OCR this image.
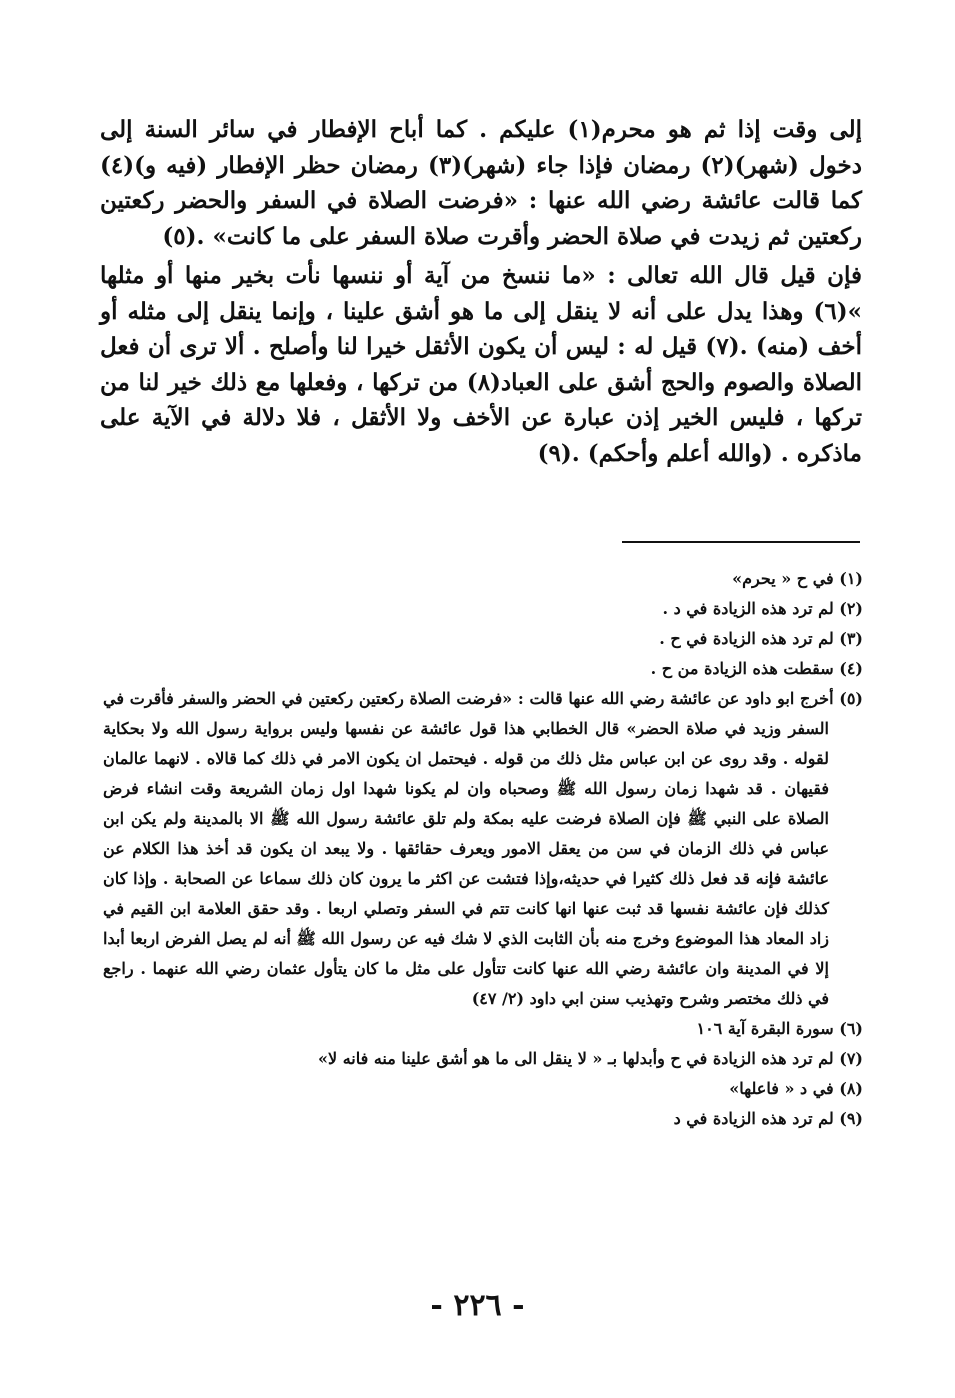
إلى وقت إذا ثم هو محرم(١) عليكم . كما أباح الإفطار في سائر السنة إلى دخول (شهر)(٢) رمضان فإذا جاء (شهر)(٣) رمضان حظر الإفطار (فيه و)(٤) كما قالت عائشة رضي الله عنها : «فرضت الصلاة في السفر والحضر ركعتين ركعتين ثم زيدت في صلاة الحضر وأقرت صلاة السفر على ما كانت» .(٥)

فإن قيل قال الله تعالى : «ما ننسخ من آية أو ننسها نأت بخير منها أو مثلها »(٦) وهذا يدل على أنه لا ينقل إلى ما هو أشق علينا ، وإنما ينقل إلى مثله أو أخف (منه) .(٧) قيل له : ليس أن يكون الأثقل خيرا لنا وأصلح . ألا ترى أن فعل الصلاة والصوم والحج أشق على العباد(٨) من تركها ، وفعلها مع ذلك خير لنا من تركها ، فليس الخير إذن عبارة عن الأخف ولا الأثقل ، فلا دلالة في الآية على ماذكره . (والله أعلم وأحكم) .(٩)

(١) في ح « يحرم»

(٢) لم ترد هذه الزيادة في د .

(٣) لم ترد هذه الزيادة في ح .

(٤) سقطت هذه الزيادة من ح .

(٥) أخرج ابو داود عن عائشة رضي الله عنها قالت : «فرضت الصلاة ركعتين ركعتين في الحضر والسفر فأقرت في السفر وزيد في صلاة الحضر» قال الخطابي هذا قول عائشة عن نفسها وليس برواية رسول الله ولا بحكاية لقوله . وقد روى عن ابن عباس مثل ذلك من قوله . فيحتمل ان يكون الامر في ذلك كما قالاه . لانهما عالمان فقيهان . قد شهدا زمان رسول الله ﷺ وصحباه وان لم يكونا شهدا اول زمان الشريعة وقت انشاء فرض الصلاة على النبي ﷺ فإن الصلاة فرضت عليه بمكة ولم تلق عائشة رسول الله ﷺ الا بالمدينة ولم يكن ابن عباس في ذلك الزمان في سن من يعقل الامور ويعرف حقائقها . ولا يبعد ان يكون قد أخذ هذا الكلام عن عائشة فإنه قد فعل ذلك كثيرا في حديثه،وإذا فتشت عن اكثر ما يرون كان ذلك سماعا عن الصحابة . وإذا كان كذلك فإن عائشة نفسها قد ثبت عنها انها كانت تتم في السفر وتصلي اربعا . وقد حقق العلامة ابن القيم في زاد المعاد هذا الموضوع وخرج منه بأن الثابت الذي لا شك فيه عن رسول الله ﷺ أنه لم يصل الفرض اربعا أبدا إلا في المدينة وان عائشة رضي الله عنها كانت تتأول على مثل ما كان يتأول عثمان رضي الله عنهما . راجع في ذلك مختصر وشرح وتهذيب سنن ابي داود (٢/ ٤٧)

(٦) سورة البقرة آية ١٠٦

(٧) لم ترد هذه الزيادة في ح وأبدلها بـ « لا ينقل الى ما هو أشق علينا منه فانه لا»

(٨) في د « فاعلها»

(٩) لم ترد هذه الزيادة في د

- ٢٢٦ -
